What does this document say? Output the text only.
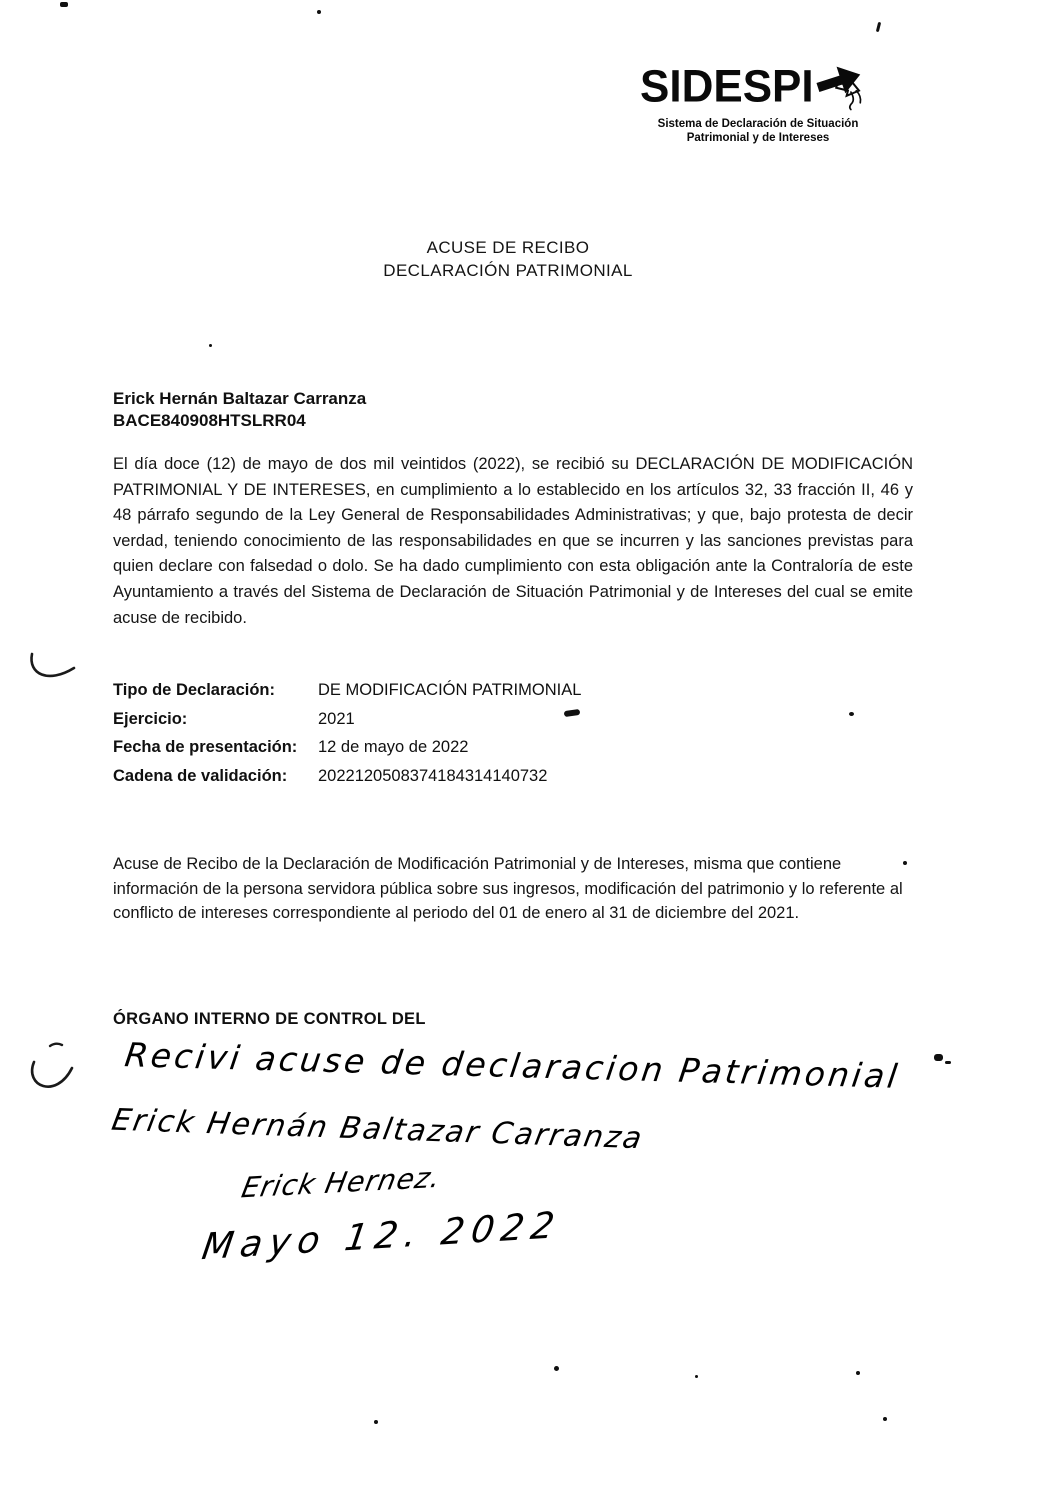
SIDESPI
Sistema de Declaración de Situación
Patrimonial y de Intereses
ACUSE DE RECIBO
DECLARACIÓN PATRIMONIAL
Erick Hernán Baltazar Carranza
BACE840908HTSLRR04
El día doce (12) de mayo de dos mil veintidos (2022), se recibió su DECLARACIÓN DE MODIFICACIÓN PATRIMONIAL Y DE INTERESES, en cumplimiento a lo establecido en los artículos 32, 33 fracción II, 46 y 48 párrafo segundo de la Ley General de Responsabilidades Administrativas; y que, bajo protesta de decir verdad, teniendo conocimiento de las responsabilidades en que se incurren y las sanciones previstas para quien declare con falsedad o dolo. Se ha dado cumplimiento con esta obligación ante la Contraloría de este Ayuntamiento a través del Sistema de Declaración de Situación Patrimonial y de Intereses del cual se emite acuse de recibido.
Tipo de Declaración:	DE MODIFICACIÓN PATRIMONIAL
Ejercicio:	2021
Fecha de presentación:	12 de mayo de 2022
Cadena de validación:	2022120508374184314140732
Acuse de Recibo de la Declaración de Modificación Patrimonial y de Intereses, misma que contiene información de la persona servidora pública sobre sus ingresos, modificación del patrimonio y lo referente al conflicto de intereses correspondiente al periodo del 01 de enero al 31 de diciembre del 2021.
ÓRGANO INTERNO DE CONTROL DEL
Recivi acuse de declaracion Patrimonial
Erick Hernán Baltazar Carranza
Erick Hernez.
Mayo 12. 2022
